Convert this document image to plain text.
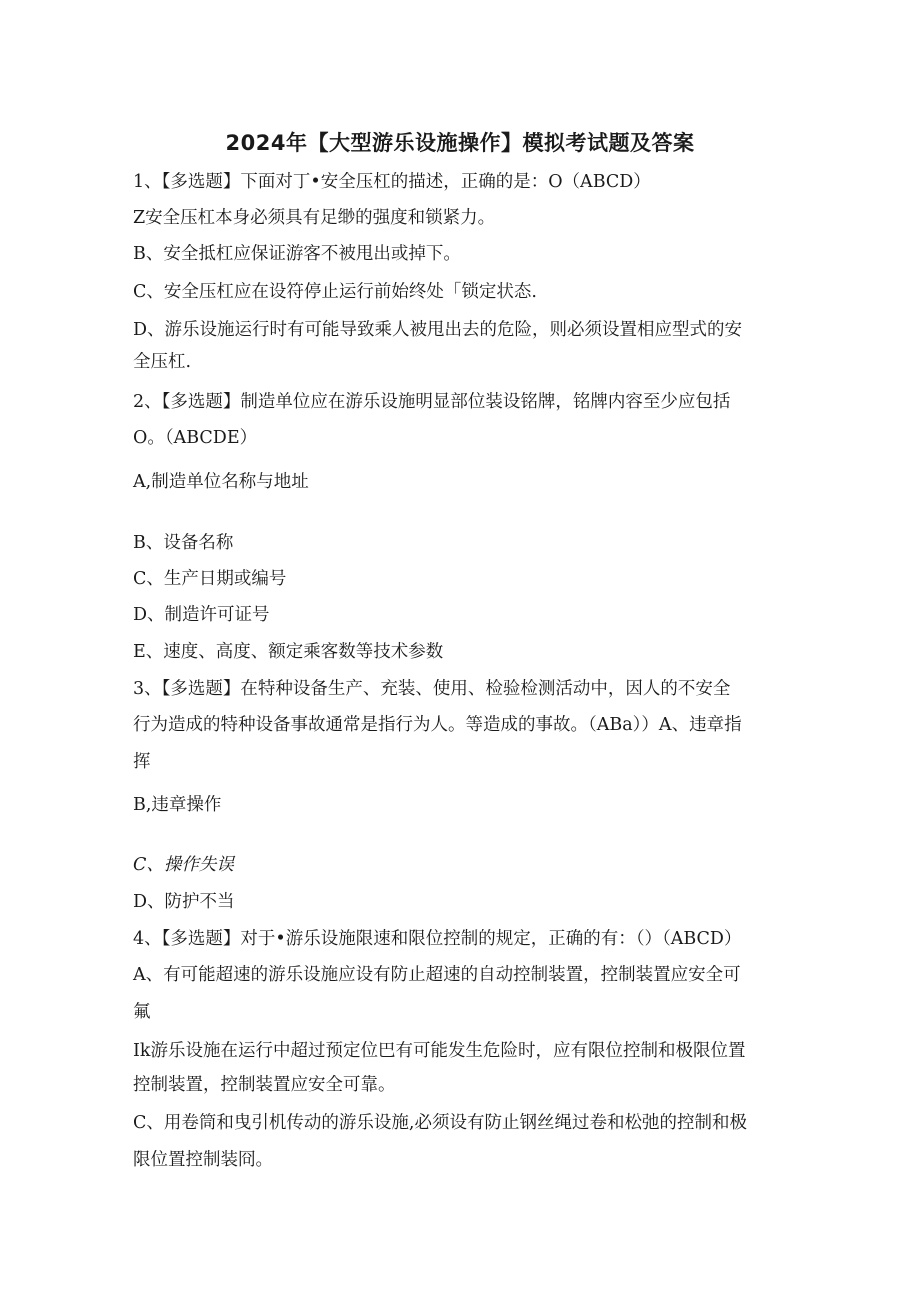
2024年【大型游乐设施操作】模拟考试题及答案
1、【多选题】下面对丁•安全压杠的描述，正确的是：O（ABCD）
Z安全压杠本身必须具有足缈的强度和锁紧力。
B、安全抵杠应保证游客不被甩出或掉下。
C、安全压杠应在设符停止运行前始终处「锁定状态.
D、游乐设施运行时有可能导致乘人被甩出去的危险，则必须设置相应型式的安
全压杠.
2、【多选题】制造单位应在游乐设施明显部位装设铭牌，铭牌内容至少应包括
O。（ABCDE）
A,制造单位名称与地址
B、设备名称
C、生产日期或编号
D、制造许可证号
E、速度、高度、额定乘客数等技术参数
3、【多选题】在特种设备生产、充装、使用、检验检测活动中，因人的不安全
行为造成的特种设备事故通常是指行为人。等造成的事故。（ABa））A、违章指
挥
B,违章操作
C、操作失误
D、防护不当
4、【多选题】对于•游乐设施限速和限位控制的规定，正确的有：（）（ABCD）
A、有可能超速的游乐设施应设有防止超速的自动控制装置，控制装置应安全可
氟
Ik游乐设施在运行中超过预定位巴有可能发生危险时，应有限位控制和极限位置
控制装置，控制装置应安全可靠。
C、用卷筒和曳引机传动的游乐设施,必须设有防止钢丝绳过卷和松弛的控制和极
限位置控制装冏。
